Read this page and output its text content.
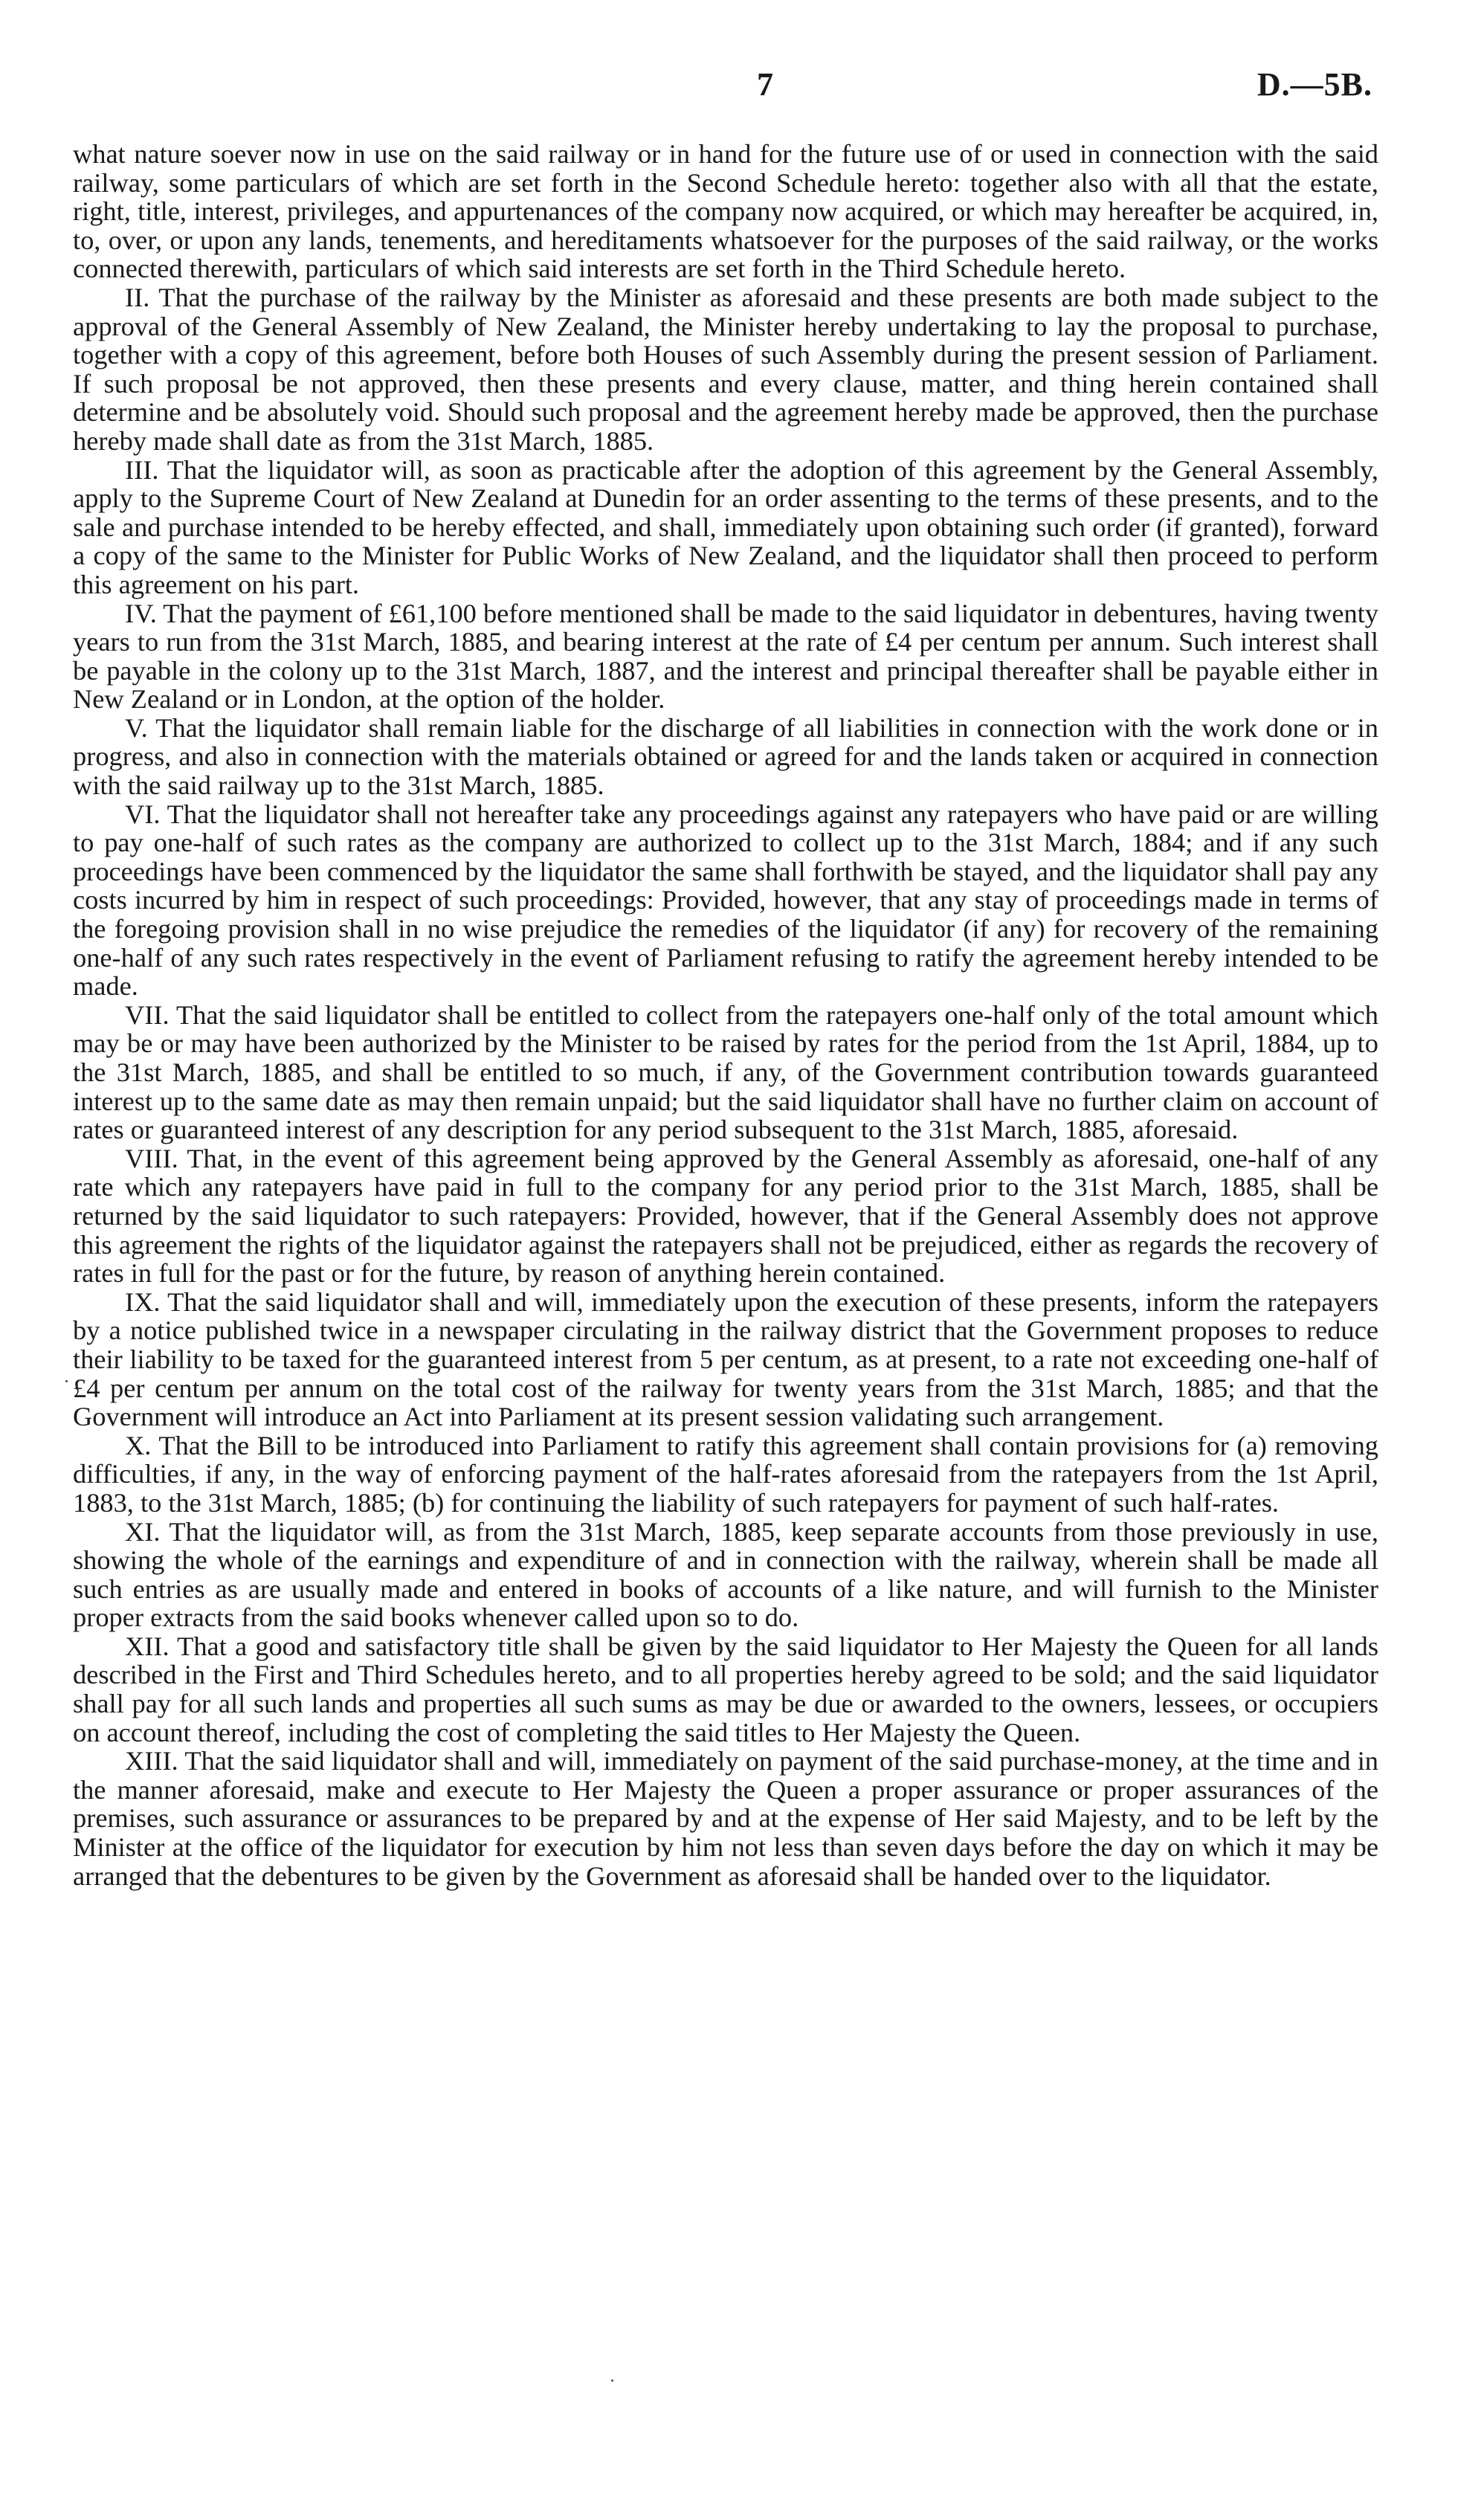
7	D.—5B.

what nature soever now in use on the said railway or in hand for the future use of or used in connection with the said railway, some particulars of which are set forth in the Second Schedule hereto: together also with all that the estate, right, title, interest, privileges, and appurtenances of the company now acquired, or which may hereafter be acquired, in, to, over, or upon any lands, tenements, and hereditaments whatsoever for the purposes of the said railway, or the works connected therewith, particulars of which said interests are set forth in the Third Schedule hereto.

II. That the purchase of the railway by the Minister as aforesaid and these presents are both made subject to the approval of the General Assembly of New Zealand, the Minister hereby undertaking to lay the proposal to purchase, together with a copy of this agreement, before both Houses of such Assembly during the present session of Parliament. If such proposal be not approved, then these presents and every clause, matter, and thing herein contained shall determine and be absolutely void. Should such proposal and the agreement hereby made be approved, then the purchase hereby made shall date as from the 31st March, 1885.

III. That the liquidator will, as soon as practicable after the adoption of this agreement by the General Assembly, apply to the Supreme Court of New Zealand at Dunedin for an order assenting to the terms of these presents, and to the sale and purchase intended to be hereby effected, and shall, immediately upon obtaining such order (if granted), forward a copy of the same to the Minister for Public Works of New Zealand, and the liquidator shall then proceed to perform this agreement on his part.

IV. That the payment of £61,100 before mentioned shall be made to the said liquidator in debentures, having twenty years to run from the 31st March, 1885, and bearing interest at the rate of £4 per centum per annum. Such interest shall be payable in the colony up to the 31st March, 1887, and the interest and principal thereafter shall be payable either in New Zealand or in London, at the option of the holder.

V. That the liquidator shall remain liable for the discharge of all liabilities in connection with the work done or in progress, and also in connection with the materials obtained or agreed for and the lands taken or acquired in connection with the said railway up to the 31st March, 1885.

VI. That the liquidator shall not hereafter take any proceedings against any ratepayers who have paid or are willing to pay one-half of such rates as the company are authorized to collect up to the 31st March, 1884; and if any such proceedings have been commenced by the liquidator the same shall forthwith be stayed, and the liquidator shall pay any costs incurred by him in respect of such proceedings: Provided, however, that any stay of proceedings made in terms of the foregoing provision shall in no wise prejudice the remedies of the liquidator (if any) for recovery of the remaining one-half of any such rates respectively in the event of Parliament refusing to ratify the agreement hereby intended to be made.

VII. That the said liquidator shall be entitled to collect from the ratepayers one-half only of the total amount which may be or may have been authorized by the Minister to be raised by rates for the period from the 1st April, 1884, up to the 31st March, 1885, and shall be entitled to so much, if any, of the Government contribution towards guaranteed interest up to the same date as may then remain unpaid; but the said liquidator shall have no further claim on account of rates or guaranteed interest of any description for any period subsequent to the 31st March, 1885, aforesaid.

VIII. That, in the event of this agreement being approved by the General Assembly as aforesaid, one-half of any rate which any ratepayers have paid in full to the company for any period prior to the 31st March, 1885, shall be returned by the said liquidator to such ratepayers: Provided, however, that if the General Assembly does not approve this agreement the rights of the liquidator against the ratepayers shall not be prejudiced, either as regards the recovery of rates in full for the past or for the future, by reason of anything herein contained.

IX. That the said liquidator shall and will, immediately upon the execution of these presents, inform the ratepayers by a notice published twice in a newspaper circulating in the railway district that the Government proposes to reduce their liability to be taxed for the guaranteed interest from 5 per centum, as at present, to a rate not exceeding one-half of £4 per centum per annum on the total cost of the railway for twenty years from the 31st March, 1885; and that the Government will introduce an Act into Parliament at its present session validating such arrangement.

X. That the Bill to be introduced into Parliament to ratify this agreement shall contain provisions for (a) removing difficulties, if any, in the way of enforcing payment of the half-rates aforesaid from the ratepayers from the 1st April, 1883, to the 31st March, 1885; (b) for continuing the liability of such ratepayers for payment of such half-rates.

XI. That the liquidator will, as from the 31st March, 1885, keep separate accounts from those previously in use, showing the whole of the earnings and expenditure of and in connection with the railway, wherein shall be made all such entries as are usually made and entered in books of accounts of a like nature, and will furnish to the Minister proper extracts from the said books whenever called upon so to do.

XII. That a good and satisfactory title shall be given by the said liquidator to Her Majesty the Queen for all lands described in the First and Third Schedules hereto, and to all properties hereby agreed to be sold; and the said liquidator shall pay for all such lands and properties all such sums as may be due or awarded to the owners, lessees, or occupiers on account thereof, including the cost of completing the said titles to Her Majesty the Queen.

XIII. That the said liquidator shall and will, immediately on payment of the said purchase-money, at the time and in the manner aforesaid, make and execute to Her Majesty the Queen a proper assurance or proper assurances of the premises, such assurance or assurances to be prepared by and at the expense of Her said Majesty, and to be left by the Minister at the office of the liquidator for execution by him not less than seven days before the day on which it may be arranged that the debentures to be given by the Government as aforesaid shall be handed over to the liquidator.
